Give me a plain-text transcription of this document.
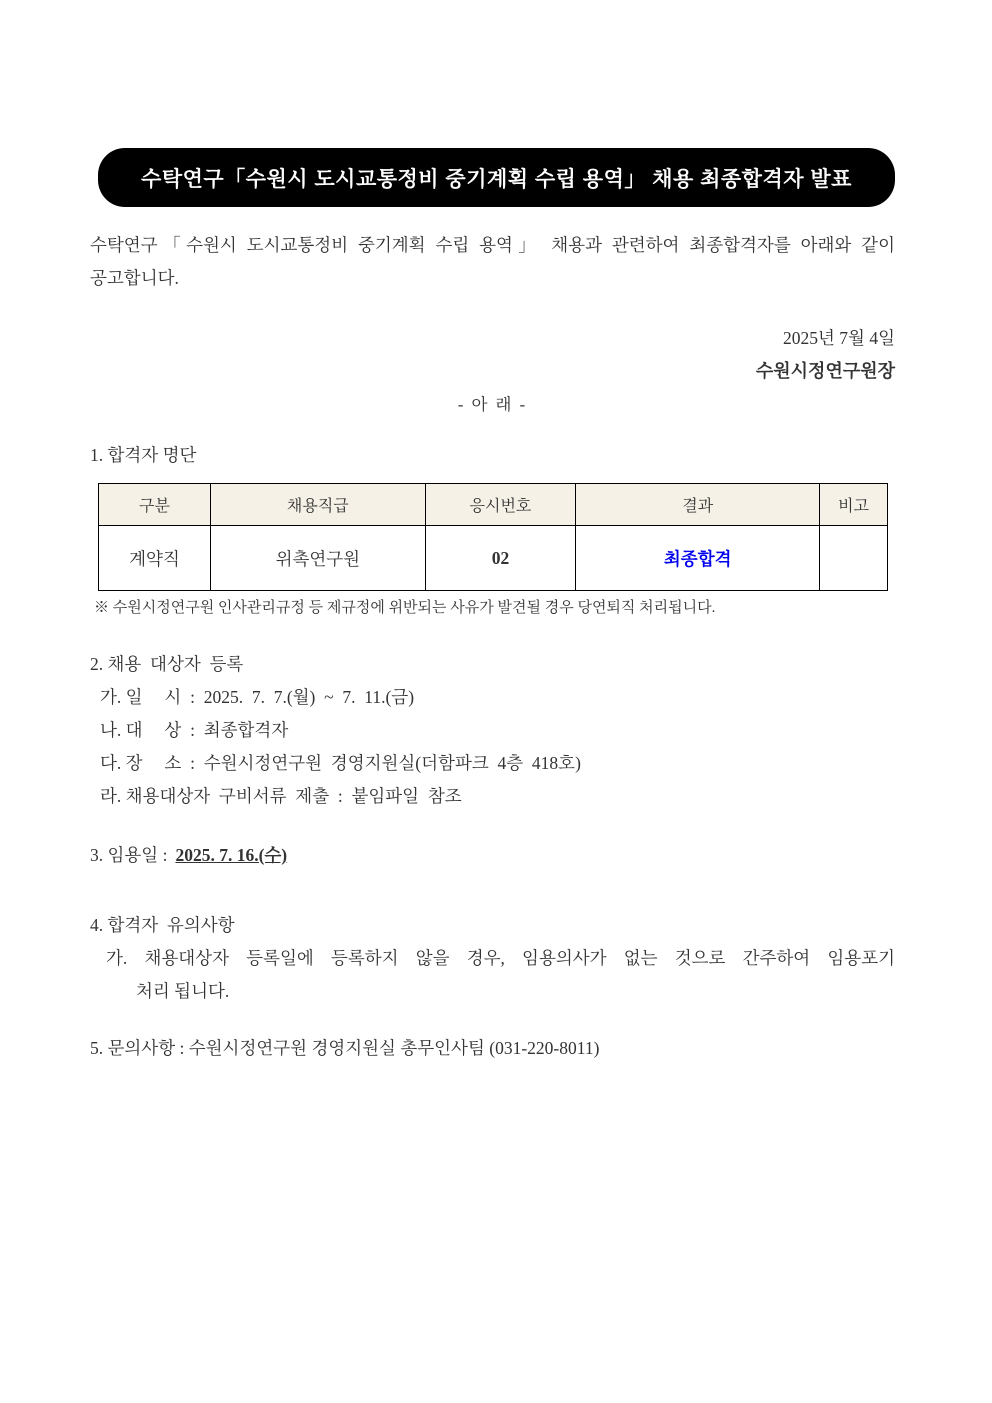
수탁연구「수원시 도시교통정비 중기계획 수립 용역」 채용 최종합격자 발표
수탁연구「수원시 도시교통정비 중기계획 수립 용역」 채용과 관련하여 최종합격자를 아래와 같이
공고합니다.
2025년 7월 4일
수원시정연구원장
- 아 래 -
1. 합격자 명단
구분	채용직급	응시번호	결과	비고
계약직	위촉연구원	02	최종합격	
※ 수원시정연구원 인사관리규정 등 제규정에 위반되는 사유가 발견될 경우 당연퇴직 처리됩니다.
2. 채용  대상자  등록
가. 일     시  :  2025.  7.  7.(월)  ~  7.  11.(금)
나. 대     상  :  최종합격자
다. 장     소  :  수원시정연구원  경영지원실(더함파크  4층  418호)
라. 채용대상자  구비서류  제출  :  붙임파일  참조
3. 임용일 : 2025. 7. 16.(수)
4. 합격자  유의사항
가. 채용대상자 등록일에 등록하지 않을 경우, 임용의사가 없는 것으로 간주하여 임용포기
처리 됩니다.
5. 문의사항 : 수원시정연구원 경영지원실 총무인사팀 (031-220-8011)
